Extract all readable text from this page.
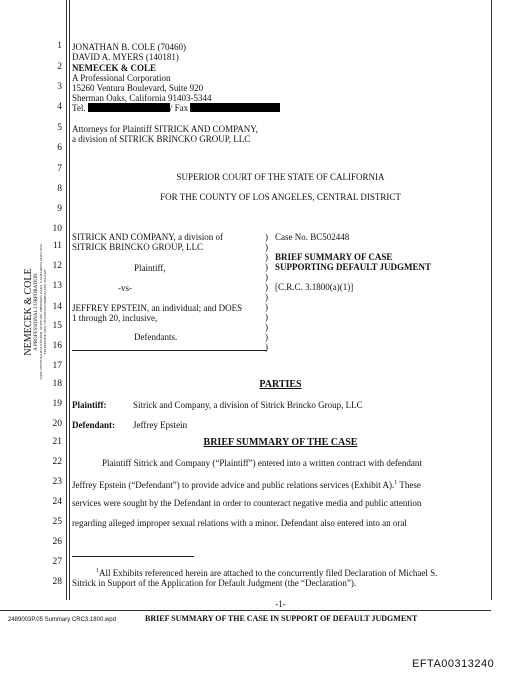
NEMECEK & COLE A PROFESSIONAL CORPORATION 15260 VENTURA BOULEVARD, SUITE 920, SHERMAN OAKS, CALIFORNIA 91403-5344 TELEPHONE (818) 788-9500 FACSIMILE (818) 501-0328
1
2
3
4
5
6
7
8
9
10
11
12
13
14
15
16
17
18
19
20
21
22
23
24
25
26
27
28
JONATHAN B. COLE (70460)
DAVID A. MYERS (140181)
NEMECEK & COLE
A Professional Corporation
15260 Ventura Boulevard, Suite 920
Sherman Oaks, California 91403-5344
Tel.	/ Fax
Attorneys for Plaintiff SITRICK AND COMPANY,
a division of SITRICK BRINCKO GROUP, LLC
SUPERIOR COURT OF THE STATE OF CALIFORNIA
FOR THE COUNTY OF LOS ANGELES, CENTRAL DISTRICT
SITRICK AND COMPANY, a division of
SITRICK BRINCKO GROUP, LLC
Plaintiff,
-vs-
JEFFREY EPSTEIN, an individual; and DOES
1 through 20, inclusive,
Defendants.
)
)
)
)
)
)
)
)
)
)
)
)
Case No. BC502448
BRIEF SUMMARY OF CASE
SUPPORTING DEFAULT JUDGMENT
[C.R.C. 3.1800(a)(1)]
PARTIES
Plaintiff:	Sitrick and Company, a division of Sitrick Brincko Group, LLC
Defendant: Jeffrey Epstein
BRIEF SUMMARY OF THE CASE
Plaintiff Sitrick and Company (“Plaintiff”) entered into a written contract with defendant
Jeffrey Epstein (“Defendant”) to provide advice and public relations services (Exhibit A).$^1$ These
services were sought by the Defendant in order to counteract negative media and public attention
regarding alleged improper sexual relations with a minor. Defendant also entered into an oral
$^1$All Exhibits referenced herein are attached to the concurrently filed Declaration of Michael S.
Sitrick in Support of the Application for Default Judgment (the “Declaration”).
-1-
2489003P.05 Summary CRC3.1800.wpd	BRIEF SUMMARY OF THE CASE IN SUPPORT OF DEFAULT JUDGMENT
EFTA00313240
